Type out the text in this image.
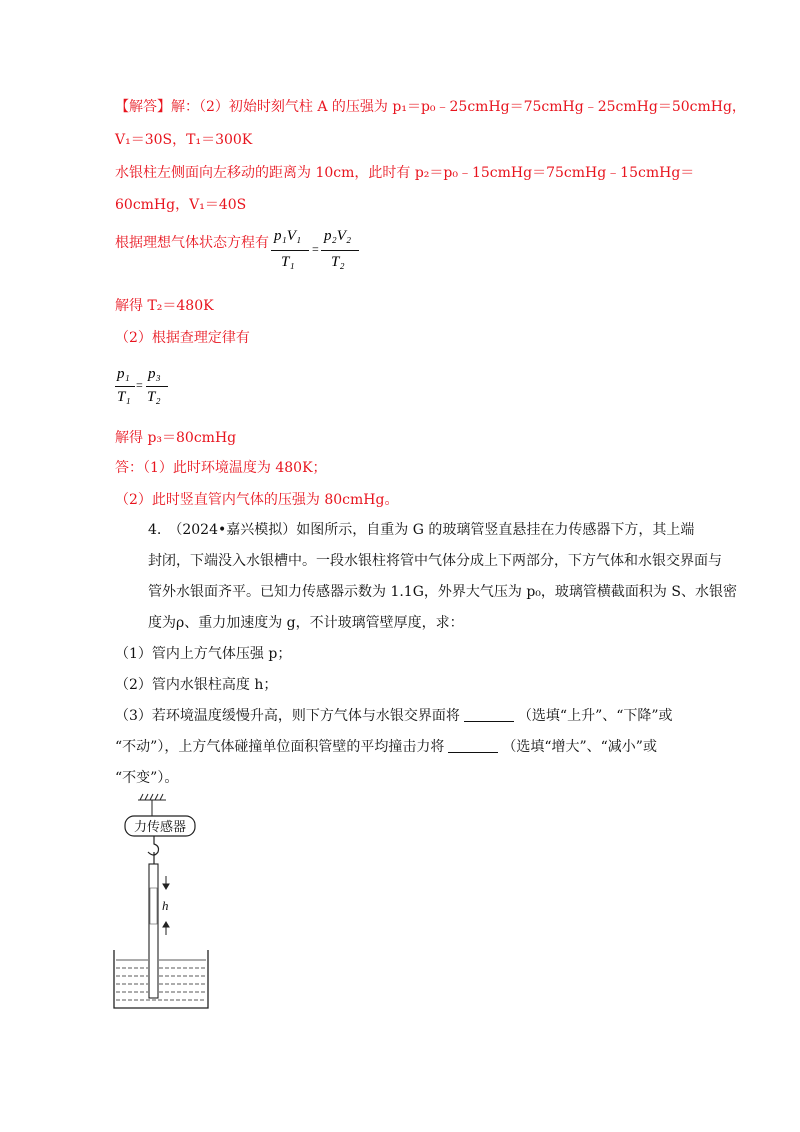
【解答】解：（2）初始时刻气柱 A 的压强为 p₁＝p₀﹣25cmHg＝75cmHg﹣25cmHg＝50cmHg，
V₁＝30S，T₁＝300K
水银柱左侧面向左移动的距离为 10cm，此时有 p₂＝p₀﹣15cmHg＝75cmHg﹣15cmHg＝
60cmHg，V₁＝40S
根据理想气体状态方程有 p₁V₁
T₁
=
p₂V₂
T₂
解得 T₂＝480K
（2）根据查理定律有
p₁
T₁
=
p₃
T₂
解得 p₃＝80cmHg
答：（1）此时环境温度为 480K；
（2）此时竖直管内气体的压强为 80cmHg。
4.　（2024•嘉兴模拟）如图所示，自重为 G 的玻璃管竖直悬挂在力传感器下方，其上端
封闭，下端没入水银槽中。一段水银柱将管中气体分成上下两部分，下方气体和水银交界面与
管外水银面齐平。已知力传感器示数为 1.1G，外界大气压为 p₀，玻璃管横截面积为 S、水银密
度为ρ、重力加速度为 g，不计玻璃管壁厚度，求：
（1）管内上方气体压强 p；
（2）管内水银柱高度 h；
（3）若环境温度缓慢升高，则下方气体与水银交界面将	（选填“上升”、“下降”或
“不动”），上方气体碰撞单位面积管壁的平均撞击力将	（选填“增大”、“减小”或
“不变”）。
力传感器
h
